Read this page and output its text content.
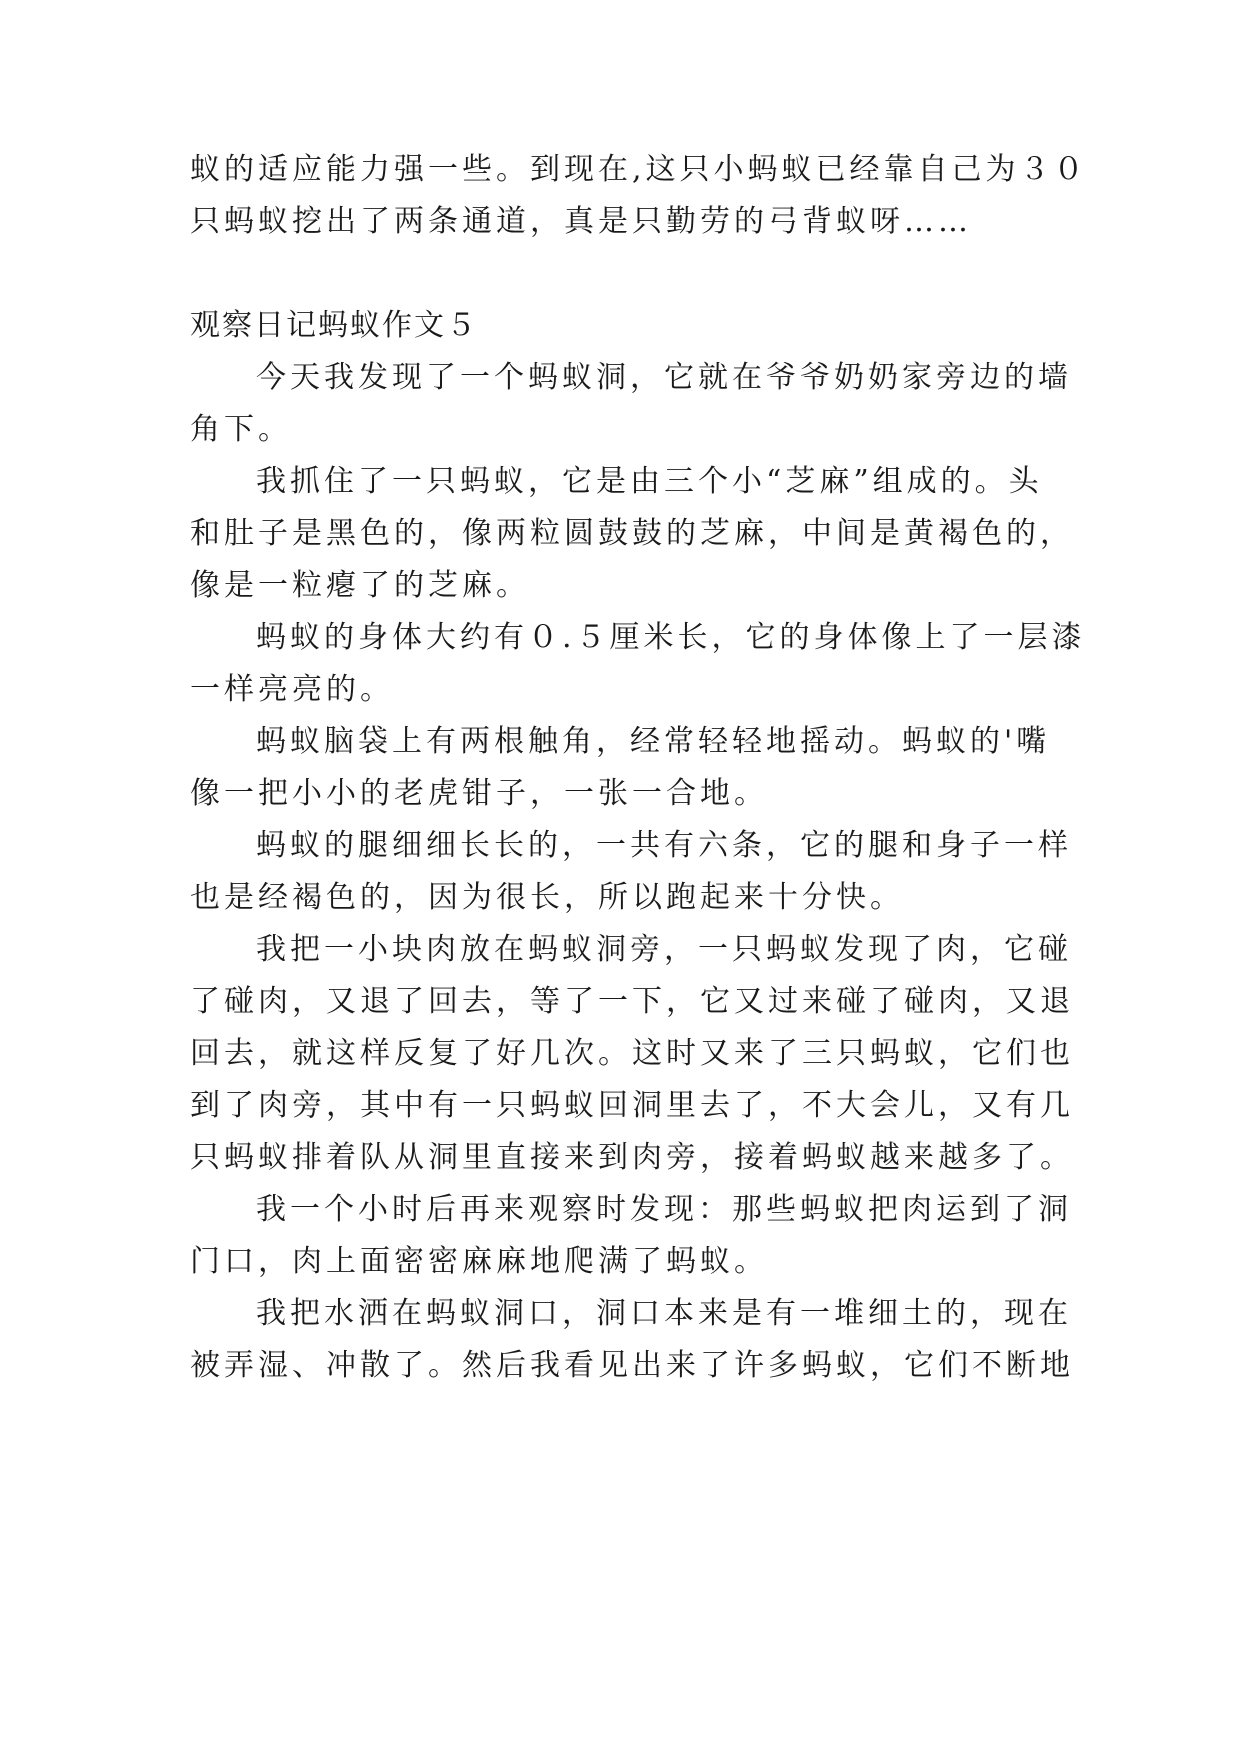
蚁的适应能力强一些。到现在,这只小蚂蚁已经靠自己为３０
只蚂蚁挖出了两条通道，真是只勤劳的弓背蚁呀……
观察日记蚂蚁作文５
今天我发现了一个蚂蚁洞，它就在爷爷奶奶家旁边的墙
角下。
我抓住了一只蚂蚁，它是由三个小“芝麻”组成的。头
和肚子是黑色的，像两粒圆鼓鼓的芝麻，中间是黄褐色的，
像是一粒瘪了的芝麻。
蚂蚁的身体大约有０.５厘米长，它的身体像上了一层漆
一样亮亮的。
蚂蚁脑袋上有两根触角，经常轻轻地摇动。蚂蚁的'嘴
像一把小小的老虎钳子，一张一合地。
蚂蚁的腿细细长长的，一共有六条，它的腿和身子一样
也是经褐色的，因为很长，所以跑起来十分快。
我把一小块肉放在蚂蚁洞旁，一只蚂蚁发现了肉，它碰
了碰肉，又退了回去，等了一下，它又过来碰了碰肉，又退
回去，就这样反复了好几次。这时又来了三只蚂蚁，它们也
到了肉旁，其中有一只蚂蚁回洞里去了，不大会儿，又有几
只蚂蚁排着队从洞里直接来到肉旁，接着蚂蚁越来越多了。
我一个小时后再来观察时发现：那些蚂蚁把肉运到了洞
门口，肉上面密密麻麻地爬满了蚂蚁。
我把水洒在蚂蚁洞口，洞口本来是有一堆细土的，现在
被弄湿、冲散了。然后我看见出来了许多蚂蚁，它们不断地
